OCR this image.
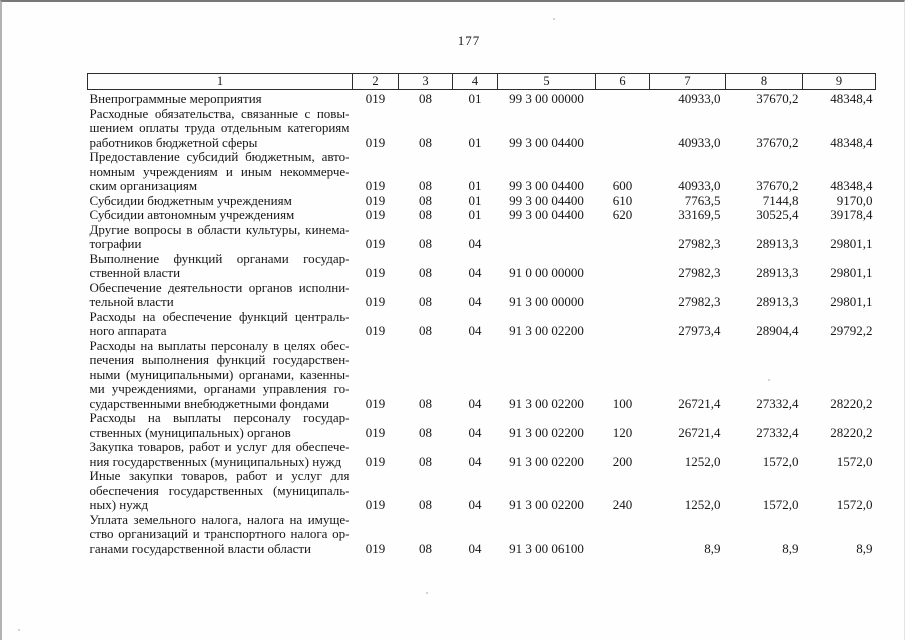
177
1	2	3	4	5	6	7	8	9

Внепрограммные мероприятия	019	08	01	99 3 00 00000		40933,0	37670,2	48348,4

Расходные обязательства, связанные с повы-
шением оплаты труда отдельным категориям
работников бюджетной сферы	019	08	01	99 3 00 04400		40933,0	37670,2	48348,4

Предоставление субсидий бюджетным, авто-
номным учреждениям и иным некоммерче-
ским организациям	019	08	01	99 3 00 04400	600	40933,0	37670,2	48348,4

Субсидии бюджетным учреждениям	019	08	01	99 3 00 04400	610	7763,5	7144,8	9170,0

Субсидии автономным учреждениям	019	08	01	99 3 00 04400	620	33169,5	30525,4	39178,4

Другие вопросы в области культуры, кинема-
тографии	019	08	04			27982,3	28913,3	29801,1

Выполнение функций органами государ-
ственной власти	019	08	04	91 0 00 00000		27982,3	28913,3	29801,1

Обеспечение деятельности органов исполни-
тельной власти	019	08	04	91 3 00 00000		27982,3	28913,3	29801,1

Расходы на обеспечение функций централь-
ного аппарата	019	08	04	91 3 00 02200		27973,4	28904,4	29792,2

Расходы на выплаты персоналу в целях обес-
печения выполнения функций государствен-
ными (муниципальными) органами, казенны-
ми учреждениями, органами управления го-
сударственными внебюджетными фондами	019	08	04	91 3 00 02200	100	26721,4	27332,4	28220,2

Расходы на выплаты персоналу государ-
ственных (муниципальных) органов	019	08	04	91 3 00 02200	120	26721,4	27332,4	28220,2

Закупка товаров, работ и услуг для обеспече-
ния государственных (муниципальных) нужд	019	08	04	91 3 00 02200	200	1252,0	1572,0	1572,0

Иные закупки товаров, работ и услуг для
обеспечения государственных (муниципаль-
ных) нужд	019	08	04	91 3 00 02200	240	1252,0	1572,0	1572,0

Уплата земельного налога, налога на имуще-
ство организаций и транспортного налога ор-
ганами государственной власти области	019	08	04	91 3 00 06100		8,9	8,9	8,9
